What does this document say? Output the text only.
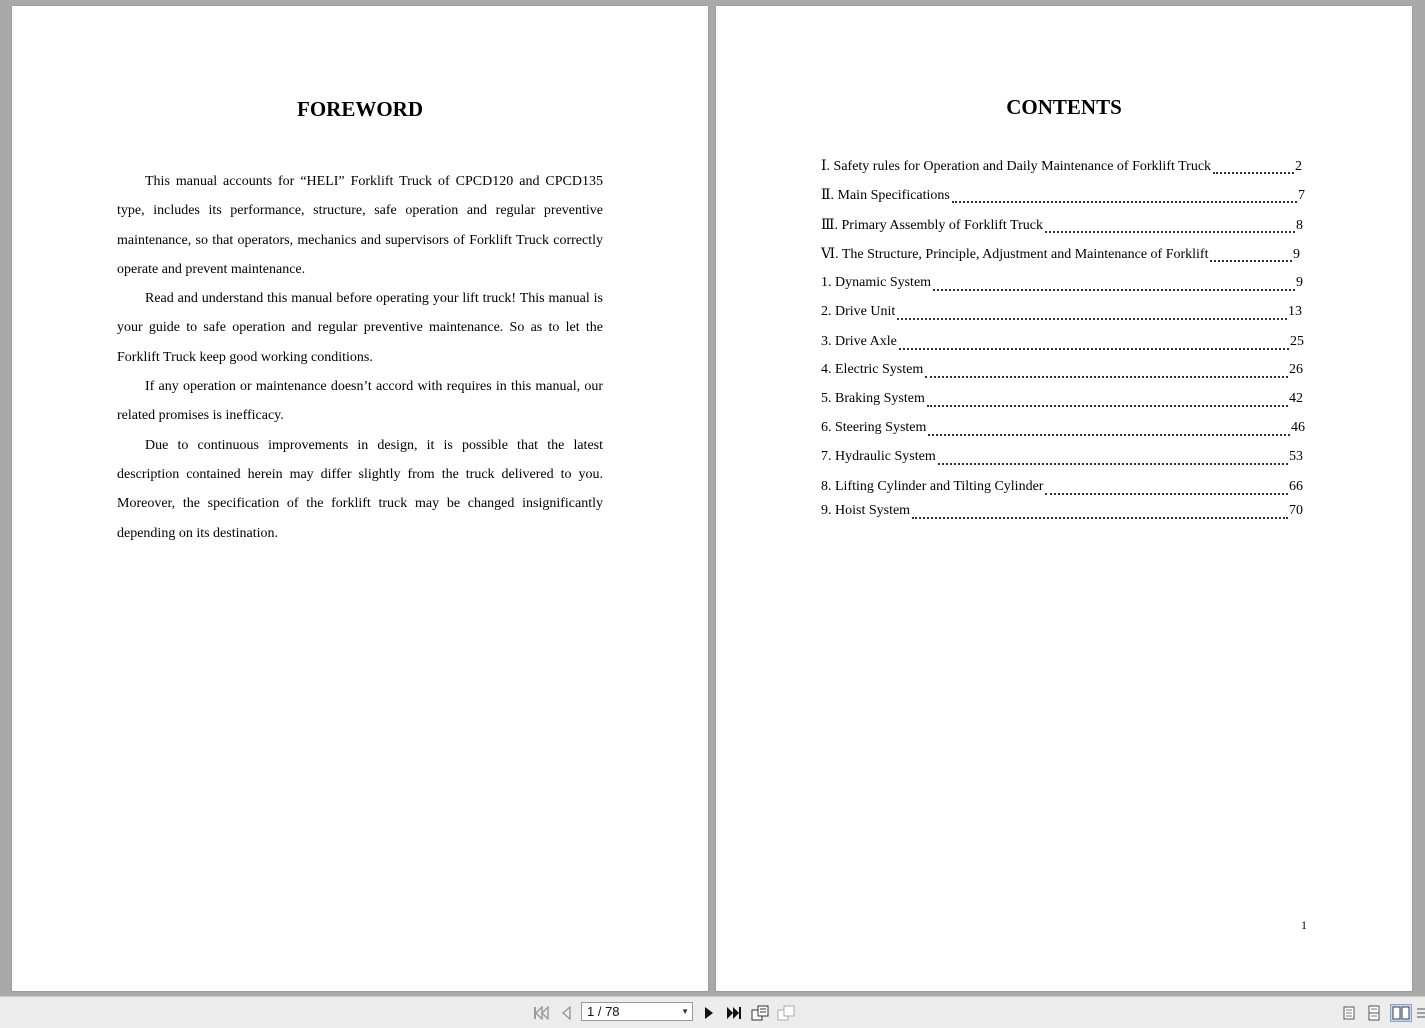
FOREWORD

This manual accounts for “HELI” Forklift Truck of CPCD120 and CPCD135 type, includes its performance, structure, safe operation and regular preventive maintenance, so that operators, mechanics and supervisors of Forklift Truck correctly operate and prevent maintenance.

Read and understand this manual before operating your lift truck! This manual is your guide to safe operation and regular preventive maintenance. So as to let the Forklift Truck keep good working conditions.

If any operation or maintenance doesn’t accord with requires in this manual, our related promises is inefficacy.

Due to continuous improvements in design, it is possible that the latest description contained herein may differ slightly from the truck delivered to you. Moreover, the specification of the forklift truck may be changed insignificantly depending on its destination.

CONTENTS
Ⅰ. Safety rules for Operation and Daily Maintenance of Forklift Truck	2
Ⅱ. Main Specifications	7
Ⅲ. Primary Assembly of Forklift Truck	8
Ⅵ. The Structure, Principle, Adjustment and Maintenance of Forklift	9
1. Dynamic System	9
2. Drive Unit	13
3. Drive Axle	25
4. Electric System	26
5. Braking System	42
6. Steering System	46
7. Hydraulic System	53
8. Lifting Cylinder and Tilting Cylinder	66
9. Hoist System	70
1
1 / 78	▼
